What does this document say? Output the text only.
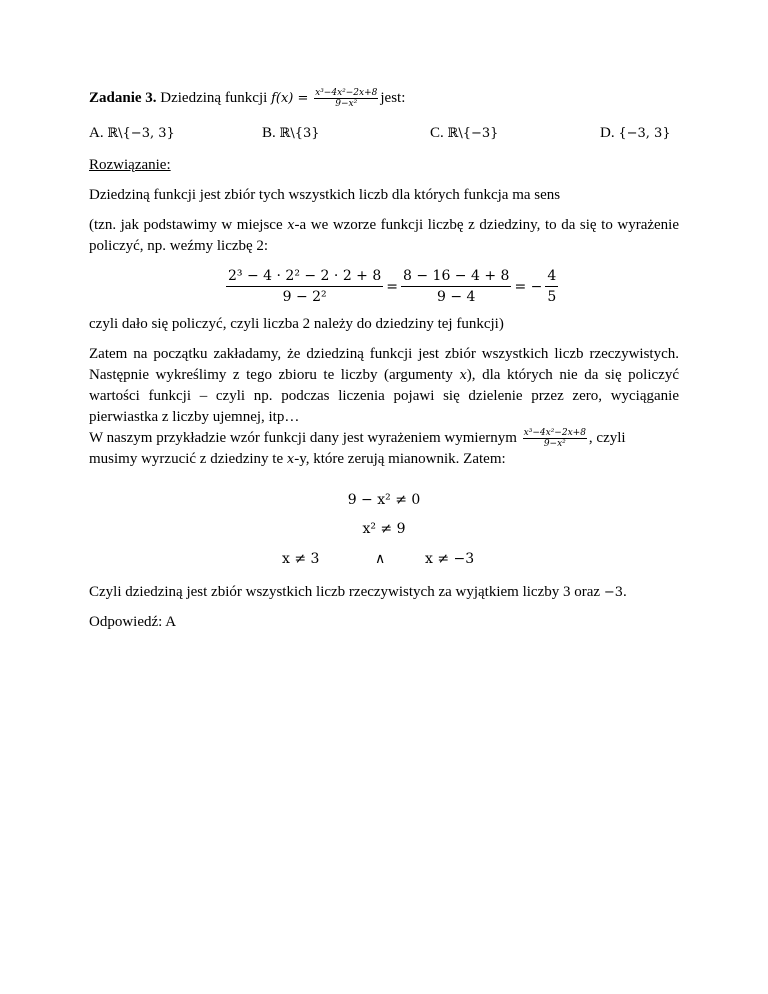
Zadanie 3. Dziedziną funkcji $f(x) = \frac{\text{x³−4x²−2x+8}}{\text{9−x²}}$ jest:
A. ℝ\{−3, 3}	B. ℝ\{3}	C. ℝ\{−3}	D. {−3, 3}
Rozwiązanie:
Dziedziną funkcji jest zbiór tych wszystkich liczb dla których funkcja ma sens
(tzn. jak podstawimy w miejsce x-a we wzorze funkcji liczbę z dziedziny, to da się to wyrażenie policzyć, np. weźmy liczbę 2:
$\frac{\text{2³ − 4 · 2² − 2 · 2 + 8}}{\text{9 − 2²}} = \frac{8 - 16 - 4 + 8}{9 - 4}$ = − $\frac{4}{5}$
czyli dało się policzyć, czyli liczba 2 należy do dziedziny tej funkcji)
Zatem na początku zakładamy, że dziedziną funkcji jest zbiór wszystkich liczb rzeczywistych. Następnie wykreślimy z tego zbioru te liczby (argumenty x), dla których nie da się policzyć wartości funkcji – czyli np. podczas liczenia pojawi się dzielenie przez zero, wyciąganie pierwiastka z liczby ujemnej, itp…
W naszym przykładzie wzór funkcji dany jest wyrażeniem wymiernym $\frac{\text{x³−4x²−2x+8}}{\text{9−x²}}$ , czyli
musimy wyrzucić z dziedziny te x-y, które zerują mianownik. Zatem:
9 − x² ≠ 0
x² ≠ 9
x ≠ 3	∧	x ≠ −3
Czyli dziedziną jest zbiór wszystkich liczb rzeczywistych za wyjątkiem liczby 3 oraz −3.
Odpowiedź: A
